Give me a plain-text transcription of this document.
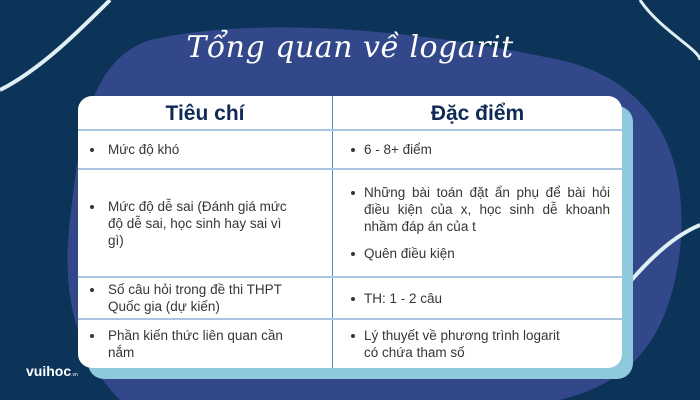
Tổng quan về logarit
Tiêu chí	Đặc điểm
Mức độ khó	6 - 8+ điểm
Mức độ dễ sai (Đánh giá mức độ dễ sai, học sinh hay sai vì gì)
Những bài toán đặt ẩn phụ để bài hỏi điều kiện của x, học sinh dễ khoanh nhầm đáp án của t
Quên điều kiện
Số câu hỏi trong đề thi THPT Quốc gia (dự kiến)
TH: 1 - 2 câu
Phần kiến thức liên quan cần nắm
Lý thuyết về phương trình logarit có chứa tham số
vuihoc.vn
